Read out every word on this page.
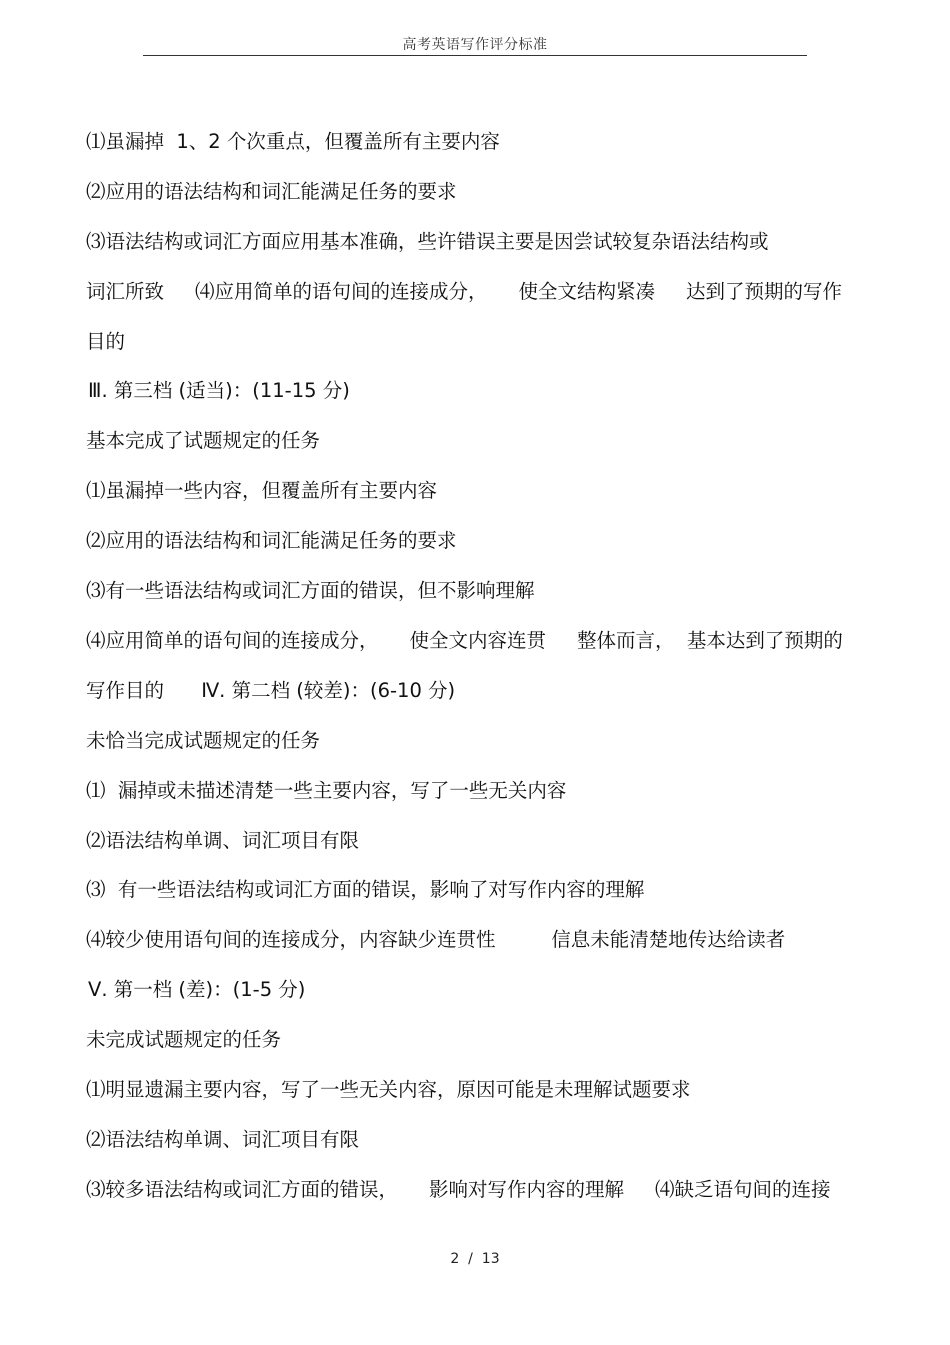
高考英语写作评分标准
⑴虽漏掉  1、2 个次重点，但覆盖所有主要内容
⑵应用的语法结构和词汇能满足任务的要求
⑶语法结构或词汇方面应用基本准确，些许错误主要是因尝试较复杂语法结构或
词汇所致     ⑷应用简单的语句间的连接成分，     使全文结构紧凑     达到了预期的写作
目的
Ⅲ. 第三档 (适当)：(11-15 分)
基本完成了试题规定的任务
⑴虽漏掉一些内容，但覆盖所有主要内容
⑵应用的语法结构和词汇能满足任务的要求
⑶有一些语法结构或词汇方面的错误，但不影响理解
⑷应用简单的语句间的连接成分，     使全文内容连贯     整体而言，  基本达到了预期的
写作目的      Ⅳ. 第二档 (较差)：(6-10 分)
未恰当完成试题规定的任务
⑴  漏掉或未描述清楚一些主要内容，写了一些无关内容
⑵语法结构单调、词汇项目有限
⑶  有一些语法结构或词汇方面的错误，影响了对写作内容的理解
⑷较少使用语句间的连接成分，内容缺少连贯性         信息未能清楚地传达给读者
Ⅴ. 第一档 (差)：(1-5 分)
未完成试题规定的任务
⑴明显遗漏主要内容，写了一些无关内容，原因可能是未理解试题要求
⑵语法结构单调、词汇项目有限
⑶较多语法结构或词汇方面的错误，     影响对写作内容的理解     ⑷缺乏语句间的连接
2  /  13
